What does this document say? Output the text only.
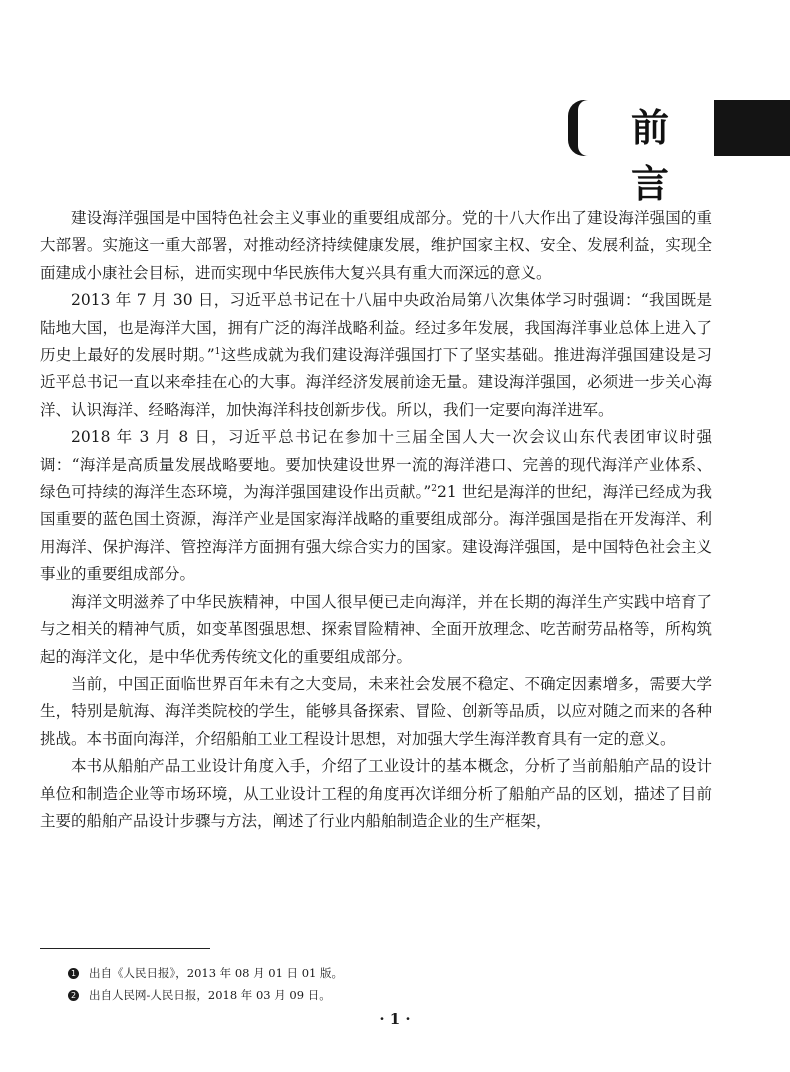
前 言

建设海洋强国是中国特色社会主义事业的重要组成部分。党的十八大作出了建设海洋强国的重大部署。实施这一重大部署，对推动经济持续健康发展，维护国家主权、安全、发展利益，实现全面建成小康社会目标，进而实现中华民族伟大复兴具有重大而深远的意义。

2013 年 7 月 30 日，习近平总书记在十八届中央政治局第八次集体学习时强调：“我国既是陆地大国，也是海洋大国，拥有广泛的海洋战略利益。经过多年发展，我国海洋事业总体上进入了历史上最好的发展时期。”$^1$这些成就为我们建设海洋强国打下了坚实基础。推进海洋强国建设是习近平总书记一直以来牵挂在心的大事。海洋经济发展前途无量。建设海洋强国，必须进一步关心海洋、认识海洋、经略海洋，加快海洋科技创新步伐。所以，我们一定要向海洋进军。

2018 年 3 月 8 日，习近平总书记在参加十三届全国人大一次会议山东代表团审议时强调：“海洋是高质量发展战略要地。要加快建设世界一流的海洋港口、完善的现代海洋产业体系、绿色可持续的海洋生态环境，为海洋强国建设作出贡献。”$^2$21 世纪是海洋的世纪，海洋已经成为我国重要的蓝色国土资源，海洋产业是国家海洋战略的重要组成部分。海洋强国是指在开发海洋、利用海洋、保护海洋、管控海洋方面拥有强大综合实力的国家。建设海洋强国，是中国特色社会主义事业的重要组成部分。

海洋文明滋养了中华民族精神，中国人很早便已走向海洋，并在长期的海洋生产实践中培育了与之相关的精神气质，如变革图强思想、探索冒险精神、全面开放理念、吃苦耐劳品格等，所构筑起的海洋文化，是中华优秀传统文化的重要组成部分。

当前，中国正面临世界百年未有之大变局，未来社会发展不稳定、不确定因素增多，需要大学生，特别是航海、海洋类院校的学生，能够具备探索、冒险、创新等品质，以应对随之而来的各种挑战。本书面向海洋，介绍船舶工业工程设计思想，对加强大学生海洋教育具有一定的意义。

本书从船舶产品工业设计角度入手，介绍了工业设计的基本概念，分析了当前船舶产品的设计单位和制造企业等市场环境，从工业设计工程的角度再次详细分析了船舶产品的区划，描述了目前主要的船舶产品设计步骤与方法，阐述了行业内船舶制造企业的生产框架，

1 出自《人民日报》，2013 年 08 月 01 日 01 版。
2 出自人民网-人民日报，2018 年 03 月 09 日。
· 1 ·
